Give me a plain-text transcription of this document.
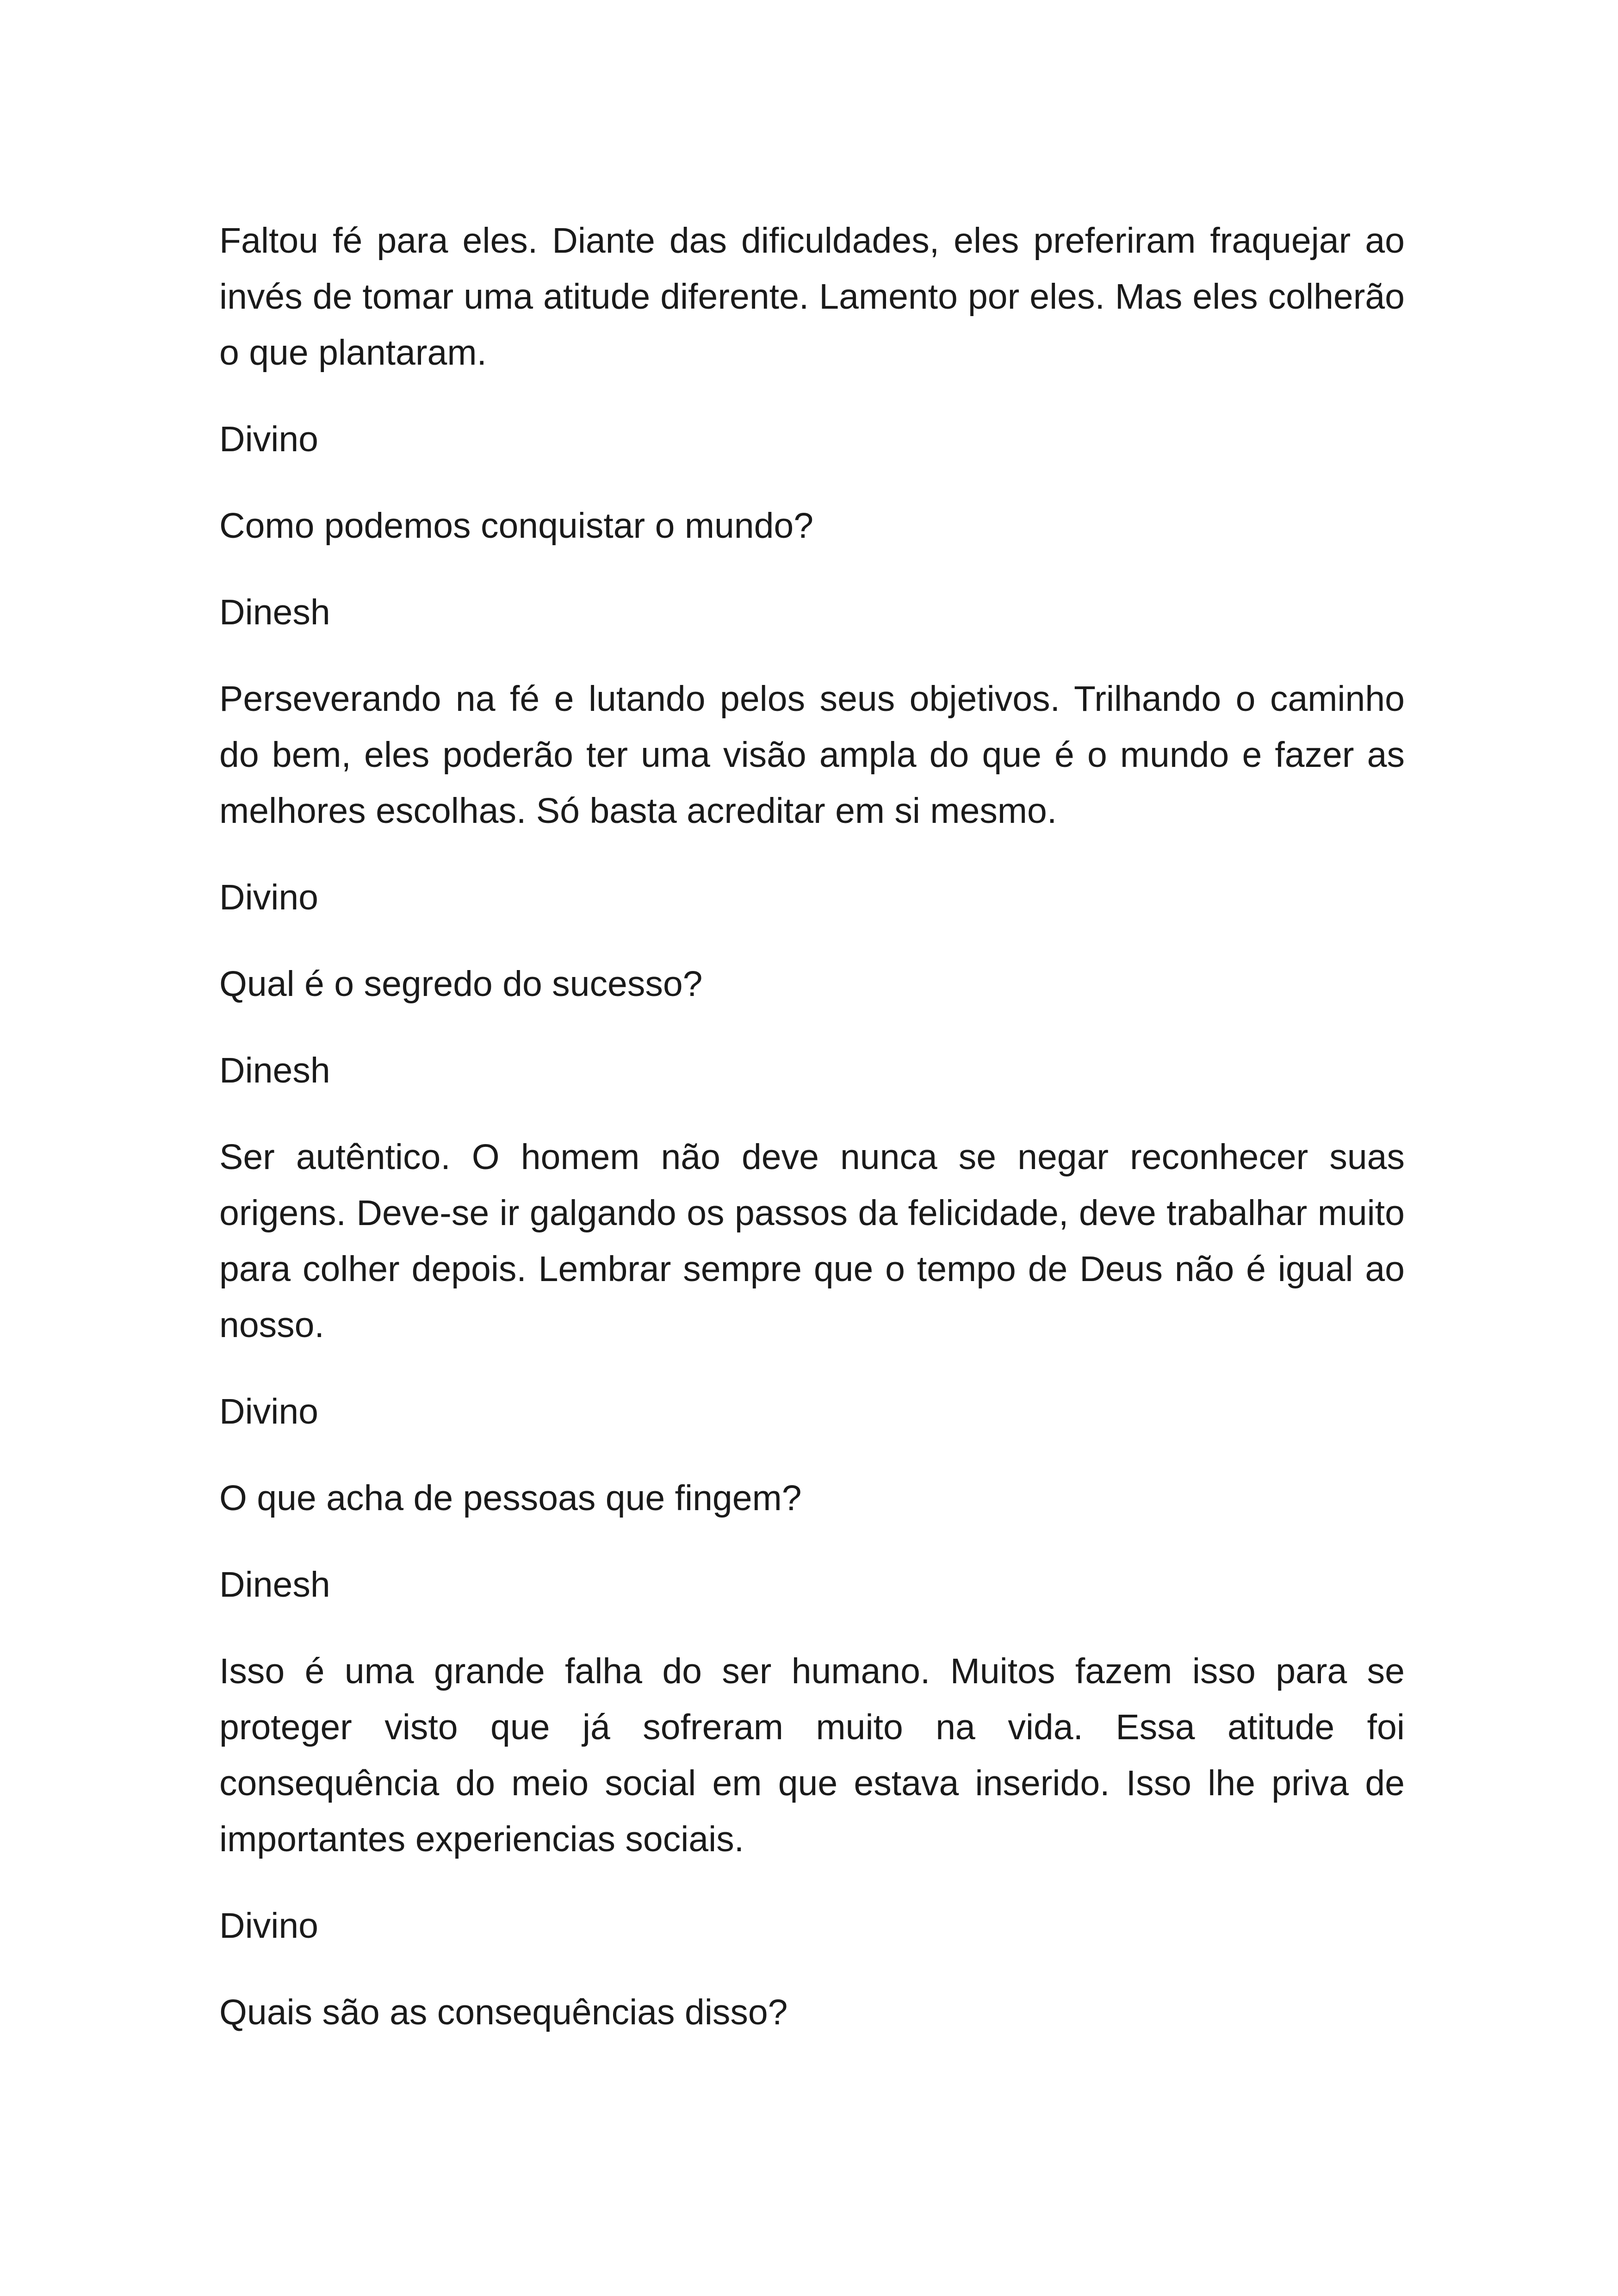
Faltou fé para eles. Diante das dificuldades, eles preferiram fraquejar ao invés de tomar uma atitude diferente. Lamento por eles. Mas eles colherão o que plantaram.

Divino

Como podemos conquistar o mundo?

Dinesh

Perseverando na fé e lutando pelos seus objetivos. Trilhando o caminho do bem, eles poderão ter uma visão ampla do que é o mundo e fazer as melhores escolhas. Só basta acreditar em si mesmo.

Divino

Qual é o segredo do sucesso?

Dinesh

Ser autêntico. O homem não deve nunca se negar reconhecer suas origens. Deve-se ir galgando os passos da felicidade, deve trabalhar muito para colher depois. Lembrar sempre que o tempo de Deus não é igual ao nosso.

Divino

O que acha de pessoas que fingem?

Dinesh

Isso é uma grande falha do ser humano. Muitos fazem isso para se proteger visto que já sofreram muito na vida. Essa atitude foi consequência do meio social em que estava inserido. Isso lhe priva de importantes experiencias sociais.

Divino

Quais são as consequências disso?
